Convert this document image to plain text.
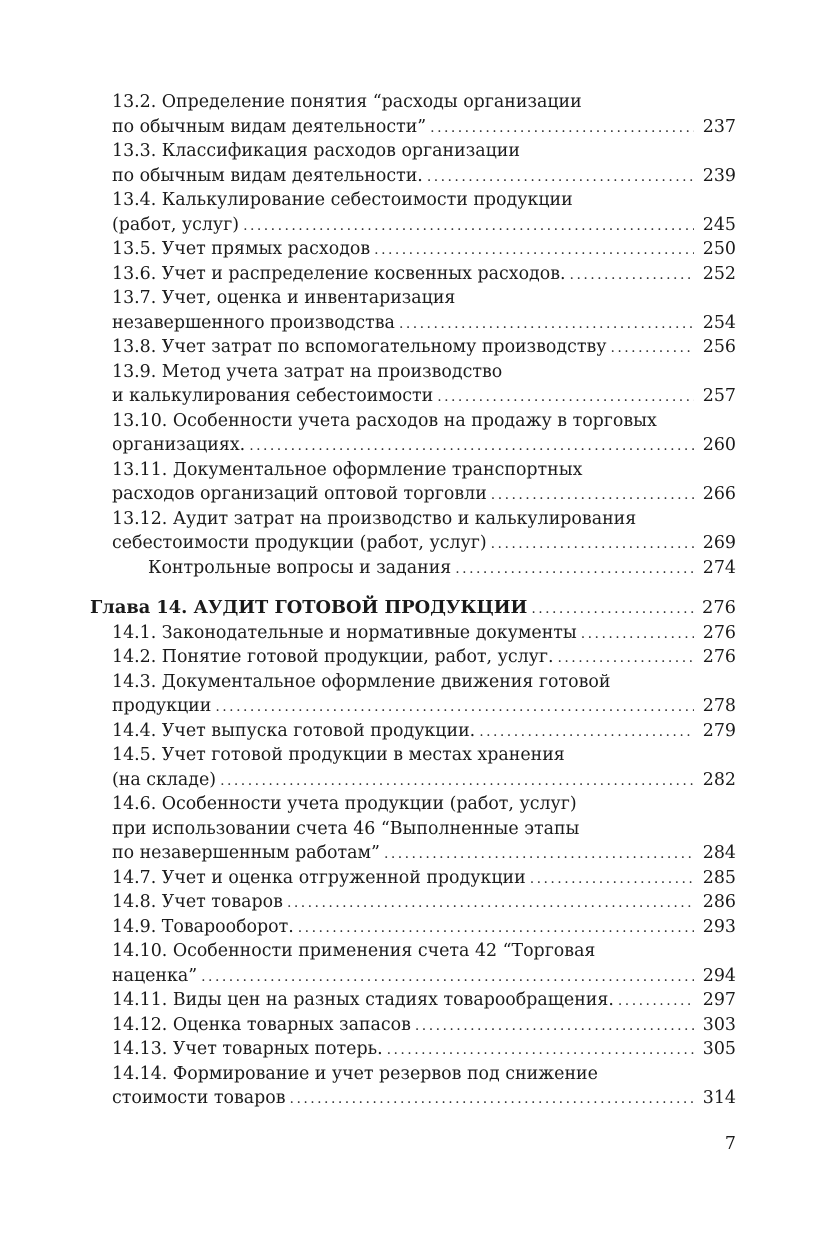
13.2. Определение понятия “расходы организации
по обычным видам деятельности” . . .	237
13.3. Классификация расходов организации
по обычным видам деятельности. . . .	239
13.4. Калькулирование себестоимости продукции
(работ, услуг) . . .	245
13.5. Учет прямых расходов . . .	250
13.6. Учет и распределение косвенных расходов. . . .	252
13.7. Учет, оценка и инвентаризация
незавершенного производства . . .	254
13.8. Учет затрат по вспомогательному производству . . .	256
13.9. Метод учета затрат на производство
и калькулирования себестоимости . . .	257
13.10. Особенности учета расходов на продажу в торговых
организациях. . . .	260
13.11. Документальное оформление транспортных
расходов организаций оптовой торговли . . .	266
13.12. Аудит затрат на производство и калькулирования
себестоимости продукции (работ, услуг) . . .	269
Контрольные вопросы и задания . . .	274
Глава 14. АУДИТ ГОТОВОЙ ПРОДУКЦИИ . . .	276
14.1. Законодательные и нормативные документы . . .	276
14.2. Понятие готовой продукции, работ, услуг. . . .	276
14.3. Документальное оформление движения готовой
продукции . . .	278
14.4. Учет выпуска готовой продукции. . . .	279
14.5. Учет готовой продукции в местах хранения
(на складе) . . .	282
14.6. Особенности учета продукции (работ, услуг)
при использовании счета 46 “Выполненные этапы
по незавершенным работам” . . .	284
14.7. Учет и оценка отгруженной продукции . . .	285
14.8. Учет товаров . . .	286
14.9. Товарооборот. . . .	293
14.10. Особенности применения счета 42 “Торговая
наценка” . . .	294
14.11. Виды цен на разных стадиях товарообращения. . . .	297
14.12. Оценка товарных запасов . . .	303
14.13. Учет товарных потерь. . . .	305
14.14. Формирование и учет резервов под снижение
стоимости товаров . . .	314
7
